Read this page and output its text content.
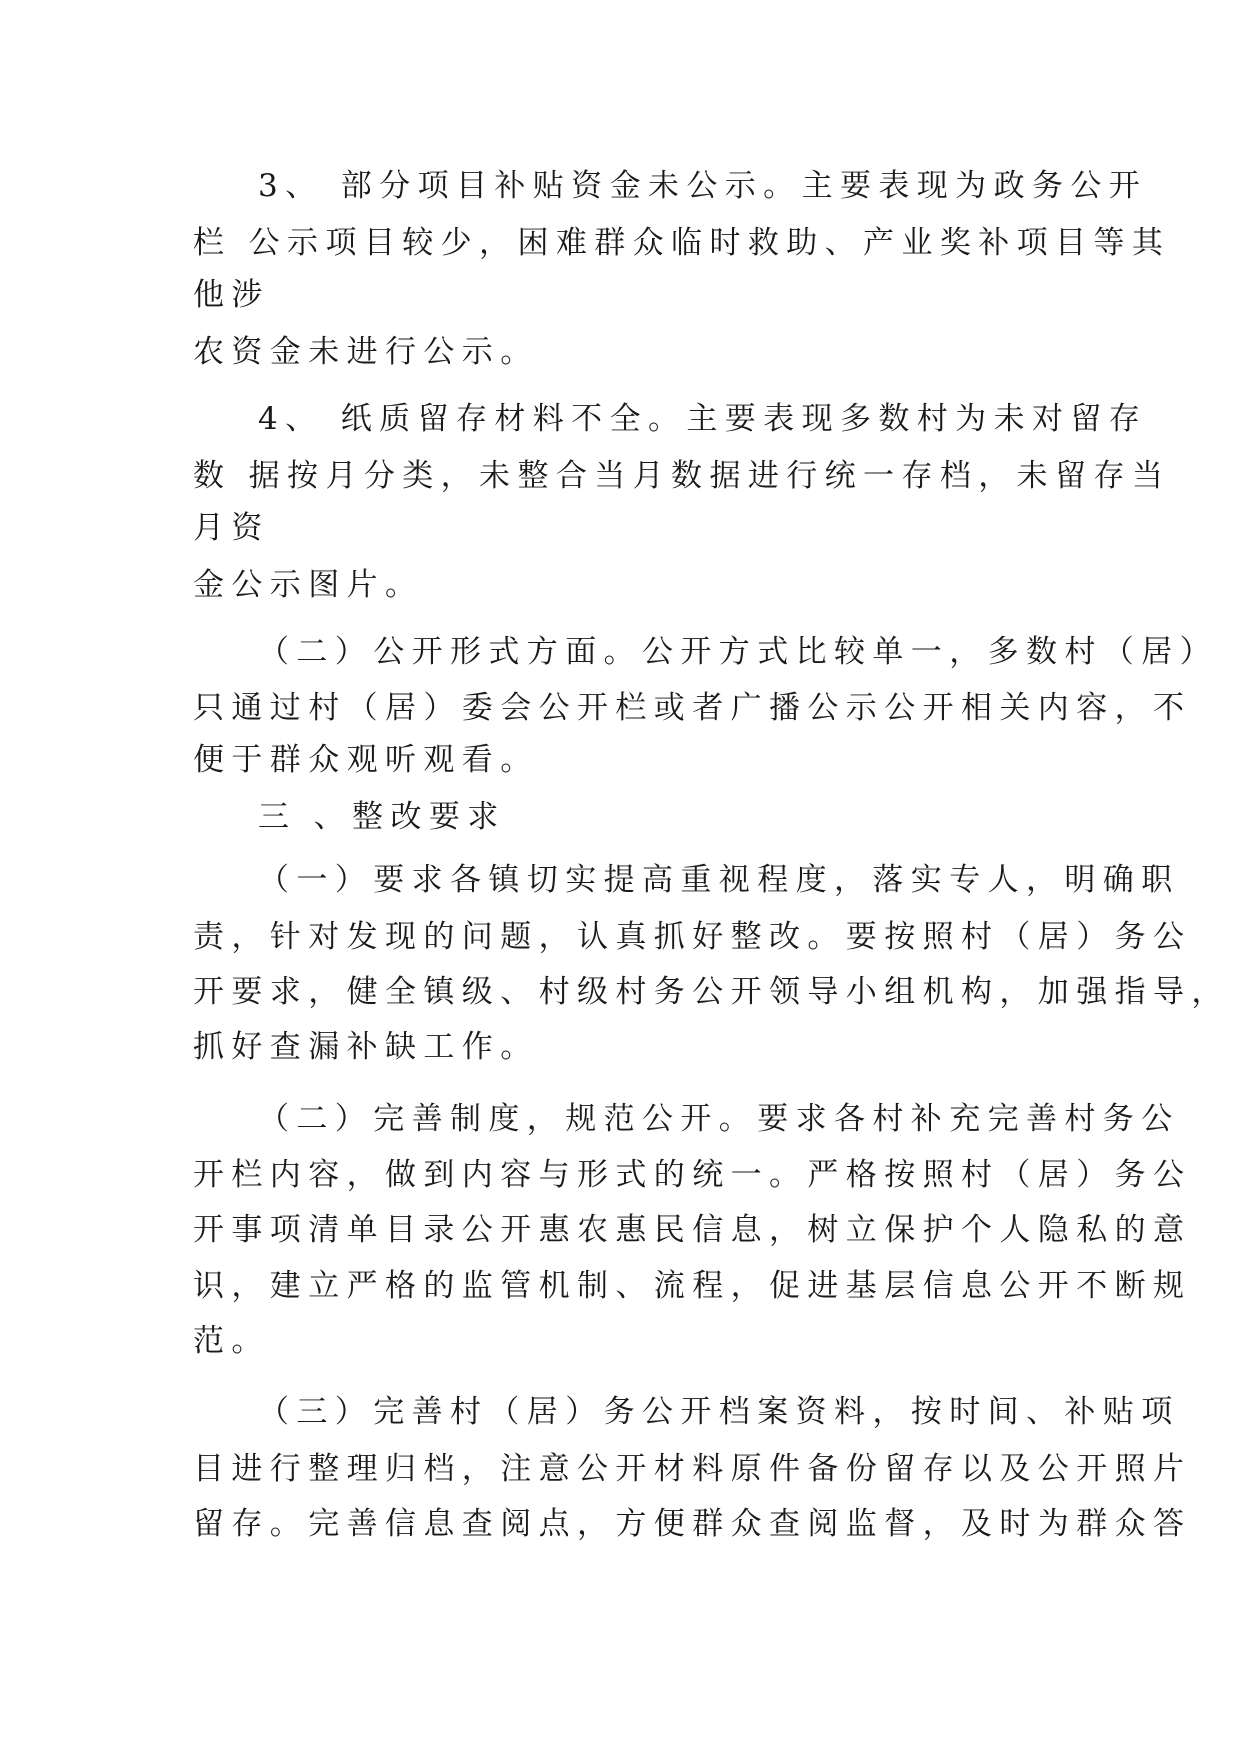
3、 部分项目补贴资金未公示。主要表现为政务公开
栏 公示项目较少，困难群众临时救助、产业奖补项目等其
他涉
农资金未进行公示。
4、 纸质留存材料不全。主要表现多数村为未对留存
数 据按月分类，未整合当月数据进行统一存档，未留存当
月资
金公示图片。
（二）公开形式方面。公开方式比较单一，多数村（居）
只通过村（居）委会公开栏或者广播公示公开相关内容，不
便于群众观听观看。
三 、整改要求
（一）要求各镇切实提高重视程度，落实专人，明确职
责，针对发现的问题，认真抓好整改。要按照村（居）务公
开要求，健全镇级、村级村务公开领导小组机构，加强指导，
抓好查漏补缺工作。
（二）完善制度，规范公开。要求各村补充完善村务公
开栏内容，做到内容与形式的统一。严格按照村（居）务公
开事项清单目录公开惠农惠民信息，树立保护个人隐私的意
识，建立严格的监管机制、流程，促进基层信息公开不断规
范。
（三）完善村（居）务公开档案资料，按时间、补贴项
目进行整理归档，注意公开材料原件备份留存以及公开照片
留存。完善信息查阅点，方便群众查阅监督，及时为群众答
